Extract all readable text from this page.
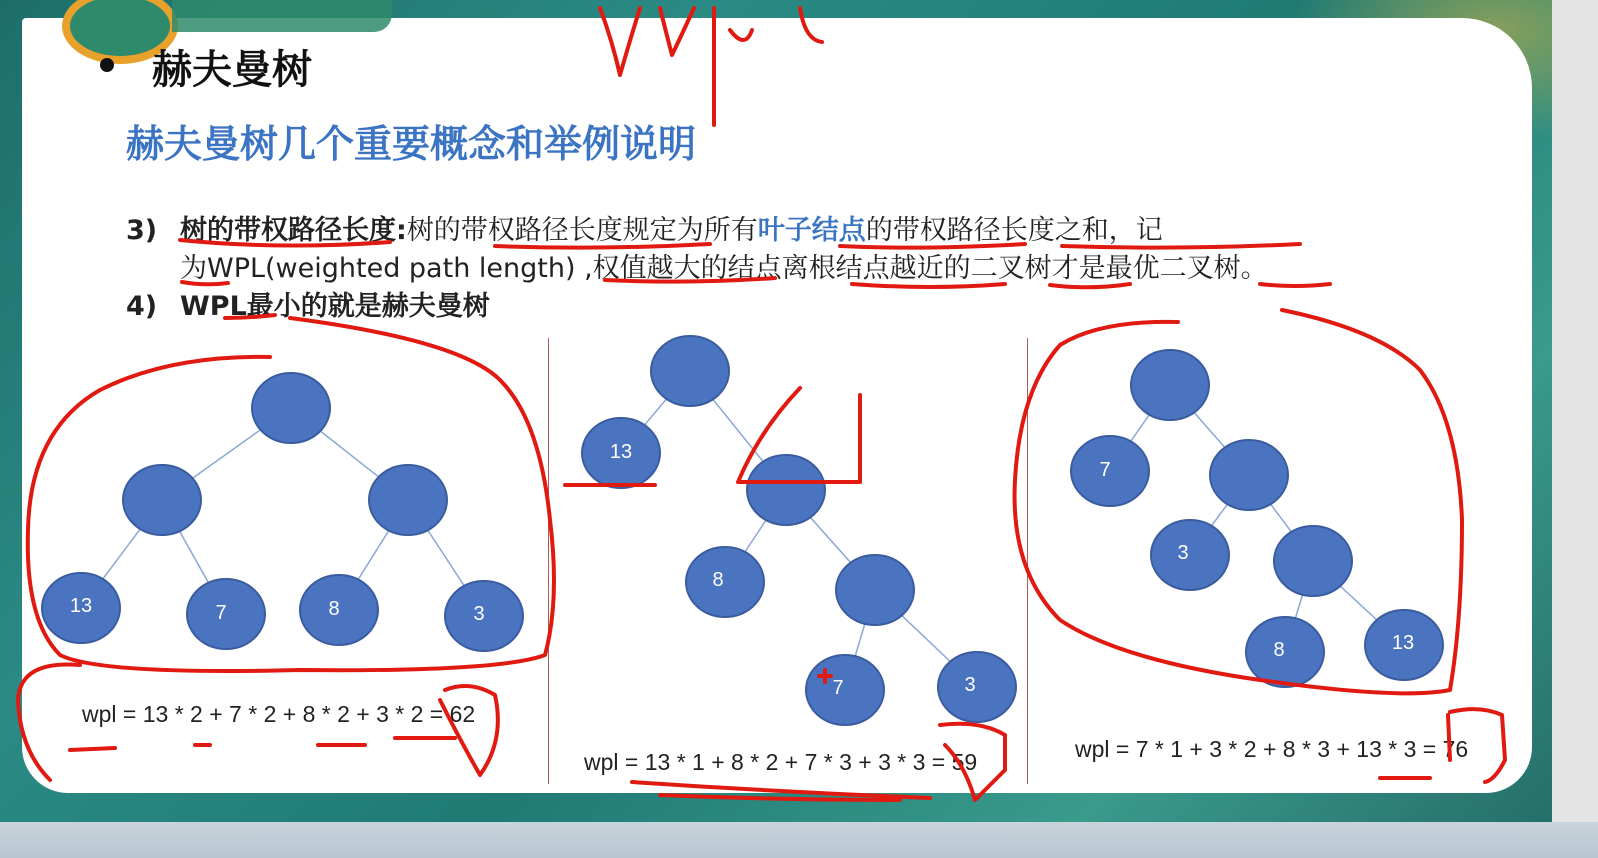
赫夫曼树
赫夫曼树几个重要概念和举例说明
3) 树的带权路径长度:树的带权路径长度规定为所有叶子结点的带权路径长度之和，记
为WPL(weighted path length) ,权值越大的结点离根结点越近的二叉树才是最优二叉树。
4) WPL最小的就是赫夫曼树
13	7	8	3
wpl = 13 * 2 + 7 * 2 + 8 * 2 + 3 * 2 = 62
13
8
7	3
wpl = 13 * 1 + 8 * 2 + 7 * 3 + 3 * 3 = 59
7
3
8	13
wpl = 7 * 1 + 3 * 2 + 8 * 3 + 13 * 3 = 76
